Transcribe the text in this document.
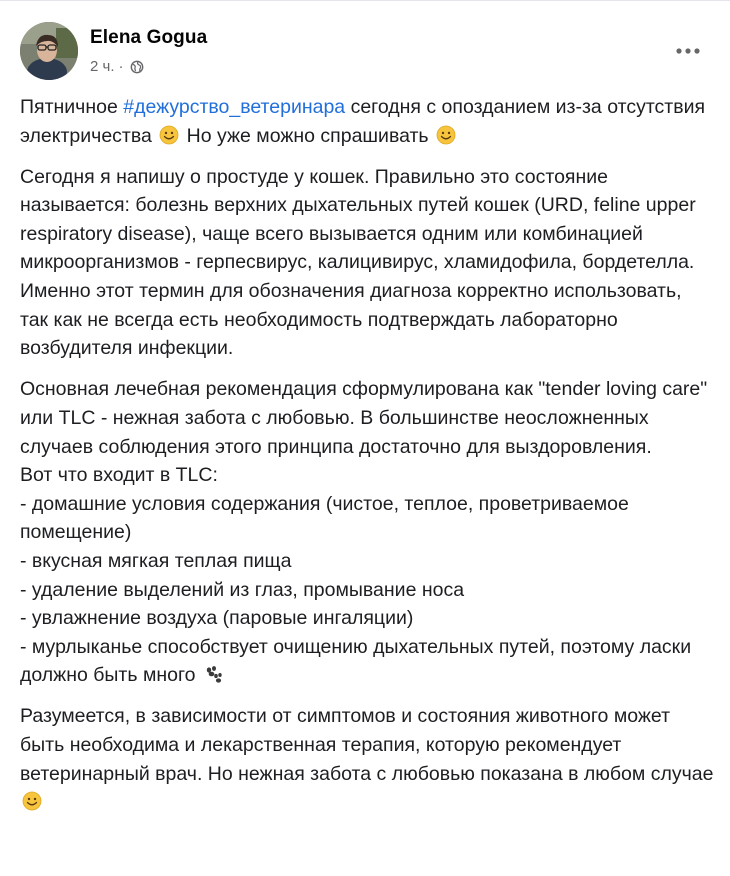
Elena Gogua
2 ч. ·

Пятничное #дежурство_ветеринара сегодня с опозданием из-за отсутствия электричества  Но уже можно спрашивать

Сегодня я напишу о простуде у кошек. Правильно это состояние называется: болезнь верхних дыхательных путей кошек (URD, feline upper respiratory disease), чаще всего вызывается одним или комбинацией микроорганизмов - герпесвирус, калицивирус, хламидофила, бордетелла. Именно этот термин для обозначения диагноза корректно использовать, так как не всегда есть необходимость подтверждать лабораторно возбудителя инфекции.

Основная лечебная рекомендация сформулирована как "tender loving care" или TLC - нежная забота с любовью. В большинстве неосложненных случаев соблюдения этого принципа достаточно для выздоровления.
Вот что входит в TLC:
- домашние условия содержания (чистое, теплое, проветриваемое помещение)
- вкусная мягкая теплая пища
- удаление выделений из глаз, промывание носа
- увлажнение воздуха (паровые ингаляции)
- мурлыканье способствует очищению дыхательных путей, поэтому ласки должно быть много

Разумеется, в зависимости от симптомов и состояния животного может быть необходима и лекарственная терапия, которую рекомендует ветеринарный врач. Но нежная забота с любовью показана в любом случае
